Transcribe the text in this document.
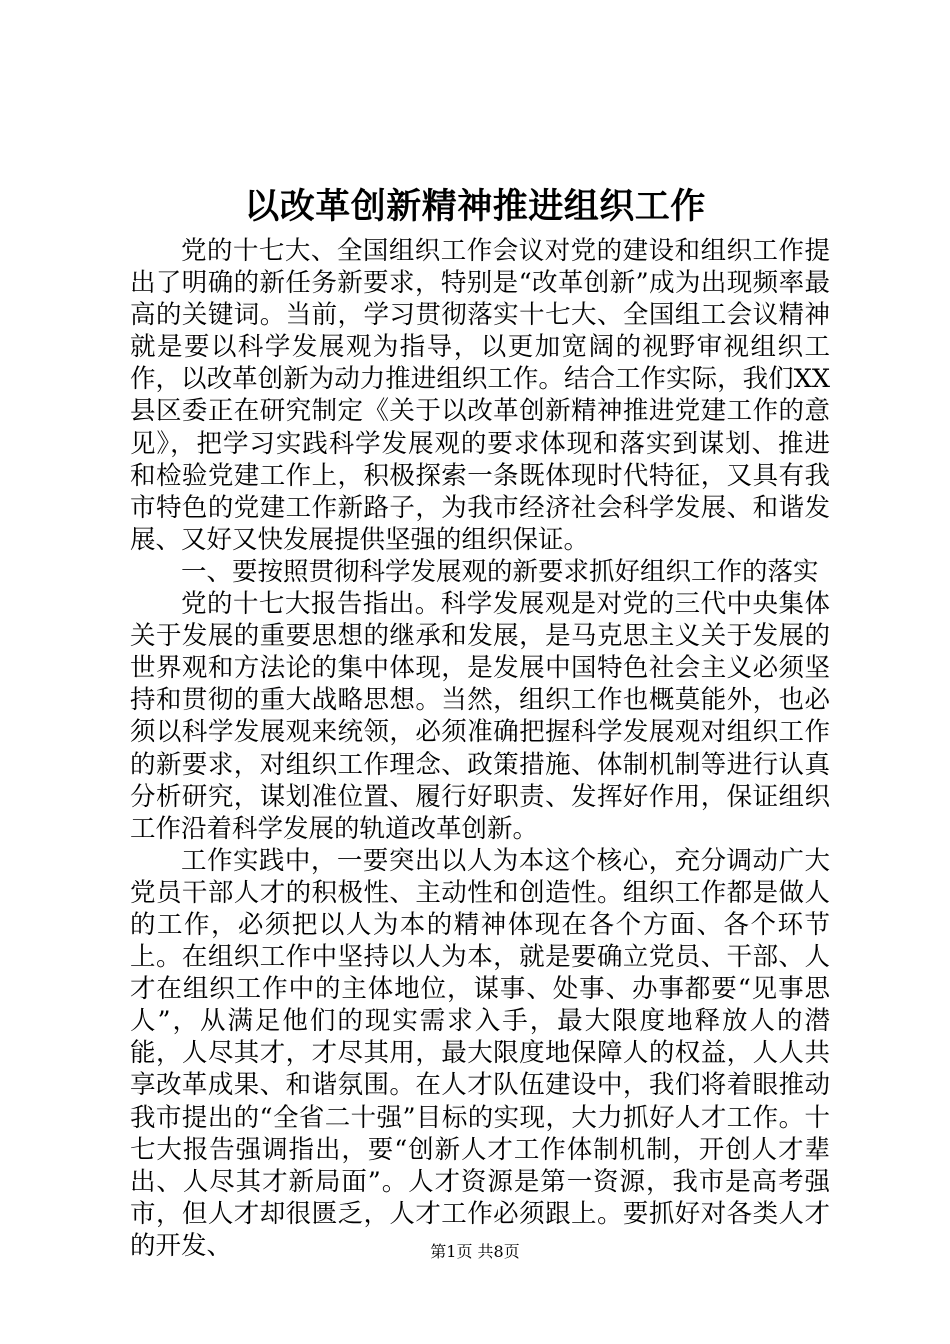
以改革创新精神推进组织工作

党的十七大、全国组织工作会议对党的建设和组织工作提出了明确的新任务新要求，特别是“改革创新”成为出现频率最高的关键词。当前，学习贯彻落实十七大、全国组工会议精神就是要以科学发展观为指导，以更加宽阔的视野审视组织工作，以改革创新为动力推进组织工作。结合工作实际，我们XX县区委正在研究制定《关于以改革创新精神推进党建工作的意见》，把学习实践科学发展观的要求体现和落实到谋划、推进和检验党建工作上，积极探索一条既体现时代特征，又具有我市特色的党建工作新路子，为我市经济社会科学发展、和谐发展、又好又快发展提供坚强的组织保证。

一、要按照贯彻科学发展观的新要求抓好组织工作的落实

党的十七大报告指出。科学发展观是对党的三代中央集体关于发展的重要思想的继承和发展，是马克思主义关于发展的世界观和方法论的集中体现，是发展中国特色社会主义必须坚持和贯彻的重大战略思想。当然，组织工作也概莫能外，也必须以科学发展观来统领，必须准确把握科学发展观对组织工作的新要求，对组织工作理念、政策措施、体制机制等进行认真分析研究，谋划准位置、履行好职责、发挥好作用，保证组织工作沿着科学发展的轨道改革创新。

工作实践中，一要突出以人为本这个核心，充分调动广大党员干部人才的积极性、主动性和创造性。组织工作都是做人的工作，必须把以人为本的精神体现在各个方面、各个环节上。在组织工作中坚持以人为本，就是要确立党员、干部、人才在组织工作中的主体地位，谋事、处事、办事都要“见事思人”，从满足他们的现实需求入手，最大限度地释放人的潜能，人尽其才，才尽其用，最大限度地保障人的权益，人人共享改革成果、和谐氛围。在人才队伍建设中，我们将着眼推动我市提出的“全省二十强”目标的实现，大力抓好人才工作。十七大报告强调指出，要“创新人才工作体制机制，开创人才辈出、人尽其才新局面”。人才资源是第一资源，我市是高考强市，但人才却很匮乏，人才工作必须跟上。要抓好对各类人才的开发、	第1页 共8页
